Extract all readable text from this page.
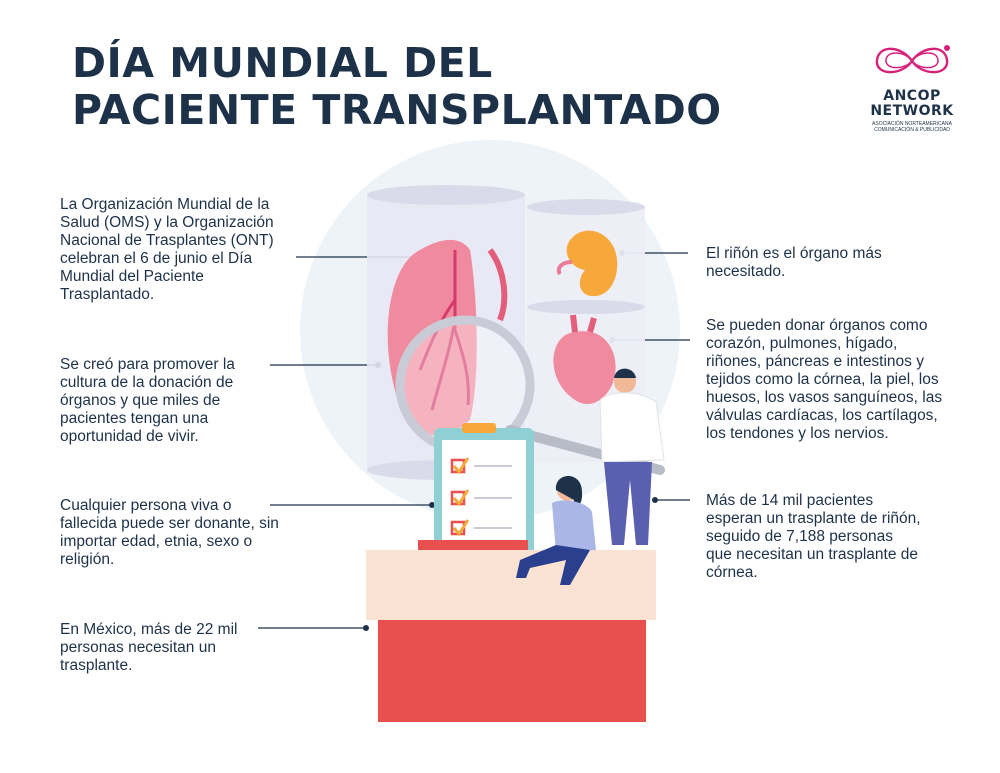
DÍA MUNDIAL DEL
PACIENTE TRANSPLANTADO	ANCOP
NETWORK
ASOCIACIÓN NORTEAMERICANA COMUNICACIÓN & PUBLICIDAD

La Organización Mundial de la Salud (OMS) y la Organización Nacional de Trasplantes (ONT) celebran el 6 de junio el Día Mundial del Paciente Trasplantado.

Se creó para promover la cultura de la donación de órganos y que miles de pacientes tengan una oportunidad de vivir.

Cualquier persona viva o fallecida puede ser donante, sin importar edad, etnia, sexo o religión.

En México, más de 22 mil personas necesitan un trasplante.

El riñón es el órgano más necesitado.

Se pueden donar órganos como corazón, pulmones, hígado, riñones, páncreas e intestinos y tejidos como la córnea, la piel, los huesos, los vasos sanguíneos, las válvulas cardíacas, los cartílagos, los tendones y los nervios.

Más de 14 mil pacientes esperan un trasplante de riñón, seguido de 7,188 personas que necesitan un trasplante de córnea.
